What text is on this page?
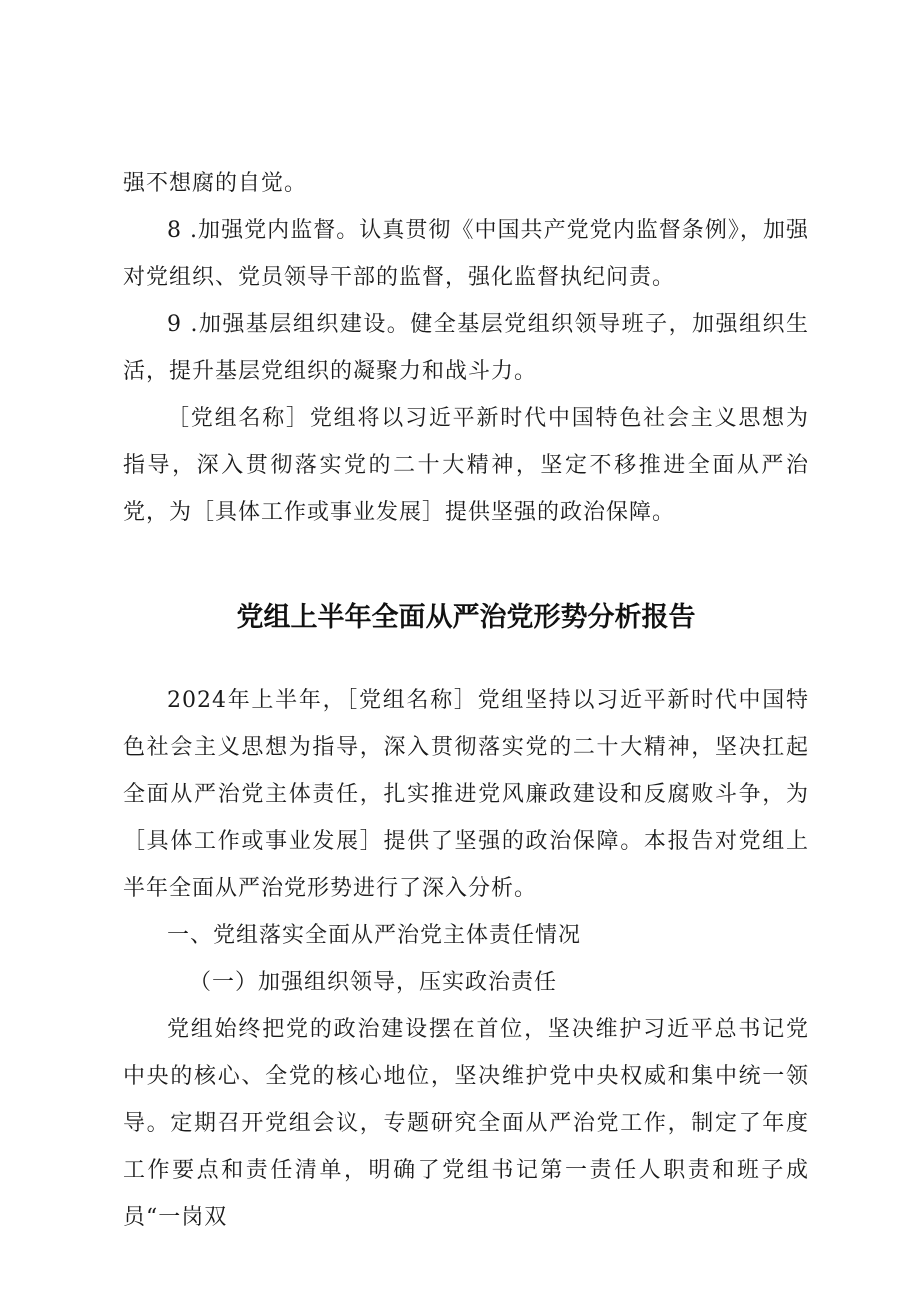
强不想腐的自觉。

8 .加强党内监督。认真贯彻《中国共产党党内监督条例》，加强对党组织、党员领导干部的监督，强化监督执纪问责。

9 .加强基层组织建设。健全基层党组织领导班子，加强组织生活，提升基层党组织的凝聚力和战斗力。

［党组名称］党组将以习近平新时代中国特色社会主义思想为指导，深入贯彻落实党的二十大精神，坚定不移推进全面从严治党，为［具体工作或事业发展］提供坚强的政治保障。

党组上半年全面从严治党形势分析报告

2024年上半年，［党组名称］党组坚持以习近平新时代中国特色社会主义思想为指导，深入贯彻落实党的二十大精神，坚决扛起全面从严治党主体责任，扎实推进党风廉政建设和反腐败斗争，为［具体工作或事业发展］提供了坚强的政治保障。本报告对党组上半年全面从严治党形势进行了深入分析。

一、党组落实全面从严治党主体责任情况

（一）加强组织领导，压实政治责任

党组始终把党的政治建设摆在首位，坚决维护习近平总书记党中央的核心、全党的核心地位，坚决维护党中央权威和集中统一领导。定期召开党组会议，专题研究全面从严治党工作，制定了年度工作要点和责任清单，明确了党组书记第一责任人职责和班子成员“一岗双
